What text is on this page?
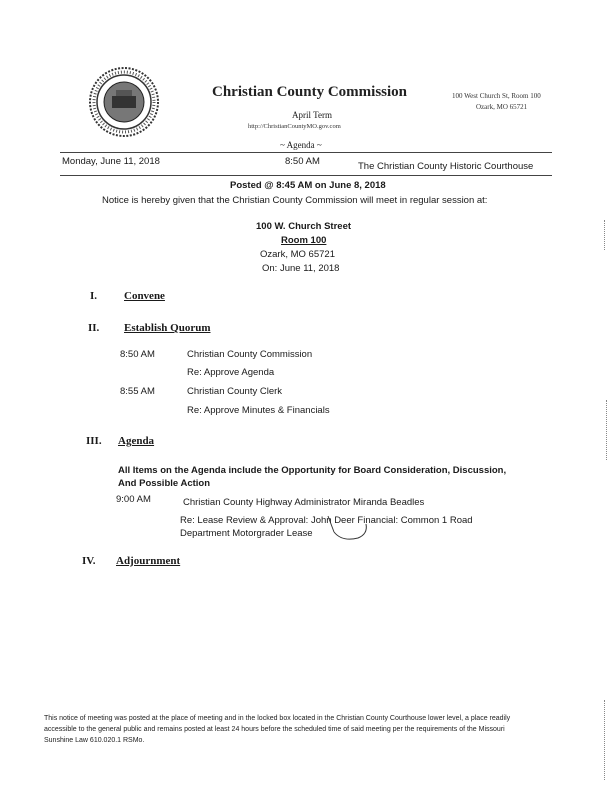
Christian County Commission	100 West Church St, Room 100
Ozark, MO 65721
April Term
http://ChristianCountyMO.gov.com
~ Agenda ~
Monday, June 11, 2018	8:50 AM	The Christian County Historic Courthouse
Posted @ 8:45 AM on June 8, 2018
Notice is hereby given that the Christian County Commission will meet in regular session at:
100 W. Church Street
Room 100
Ozark, MO 65721
On: June 11, 2018
I. Convene
II. Establish Quorum
8:50 AM	Christian County Commission
Re: Approve Agenda
8:55 AM	Christian County Clerk
Re: Approve Minutes & Financials
III. Agenda
All Items on the Agenda include the Opportunity for Board Consideration, Discussion,
And Possible Action
9:00 AM	Christian County Highway Administrator Miranda Beadles
Re: Lease Review & Approval: John Deer Financial: Common 1 Road
Department Motorgrader Lease
IV. Adjournment
This notice of meeting was posted at the place of meeting and in the locked box located in the Christian County Courthouse lower level, a place readily accessible to the general public and remains posted at least 24 hours before the scheduled time of said meeting per the requirements of the Missouri Sunshine Law 610.020.1 RSMo.
